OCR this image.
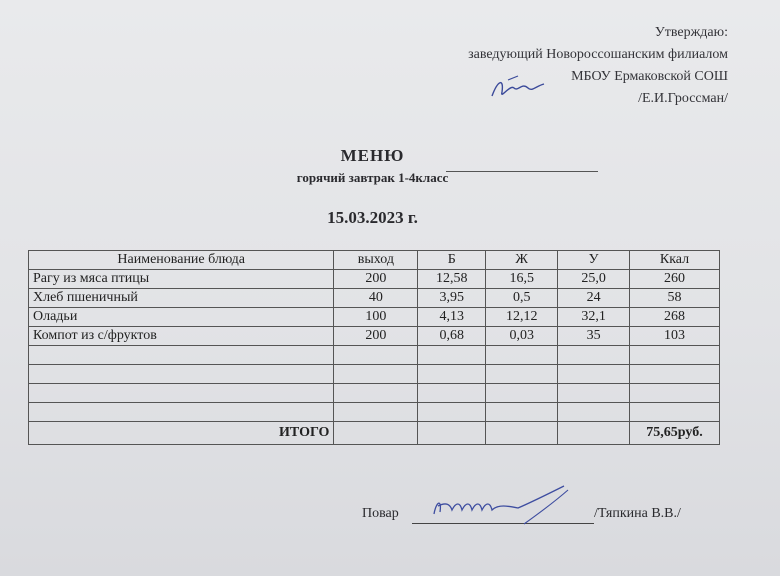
Утверждаю:
заведующий Новороссошанским филиалом
МБОУ Ермаковской СОШ
/Е.И.Гроссман/
МЕНЮ
горячий завтрак 1-4класс
15.03.2023 г.
Наименование блюда	выход	Б	Ж	У	Ккал
Рагу из мяса птицы	200	12,58	16,5	25,0	260
Хлеб пшеничный	40	3,95	0,5	24	58
Оладьи	100	4,13	12,12	32,1	268
Компот из с/фруктов	200	0,68	0,03	35	103

ИТОГО					75,65руб.
Повар	/Тяпкина В.В./
